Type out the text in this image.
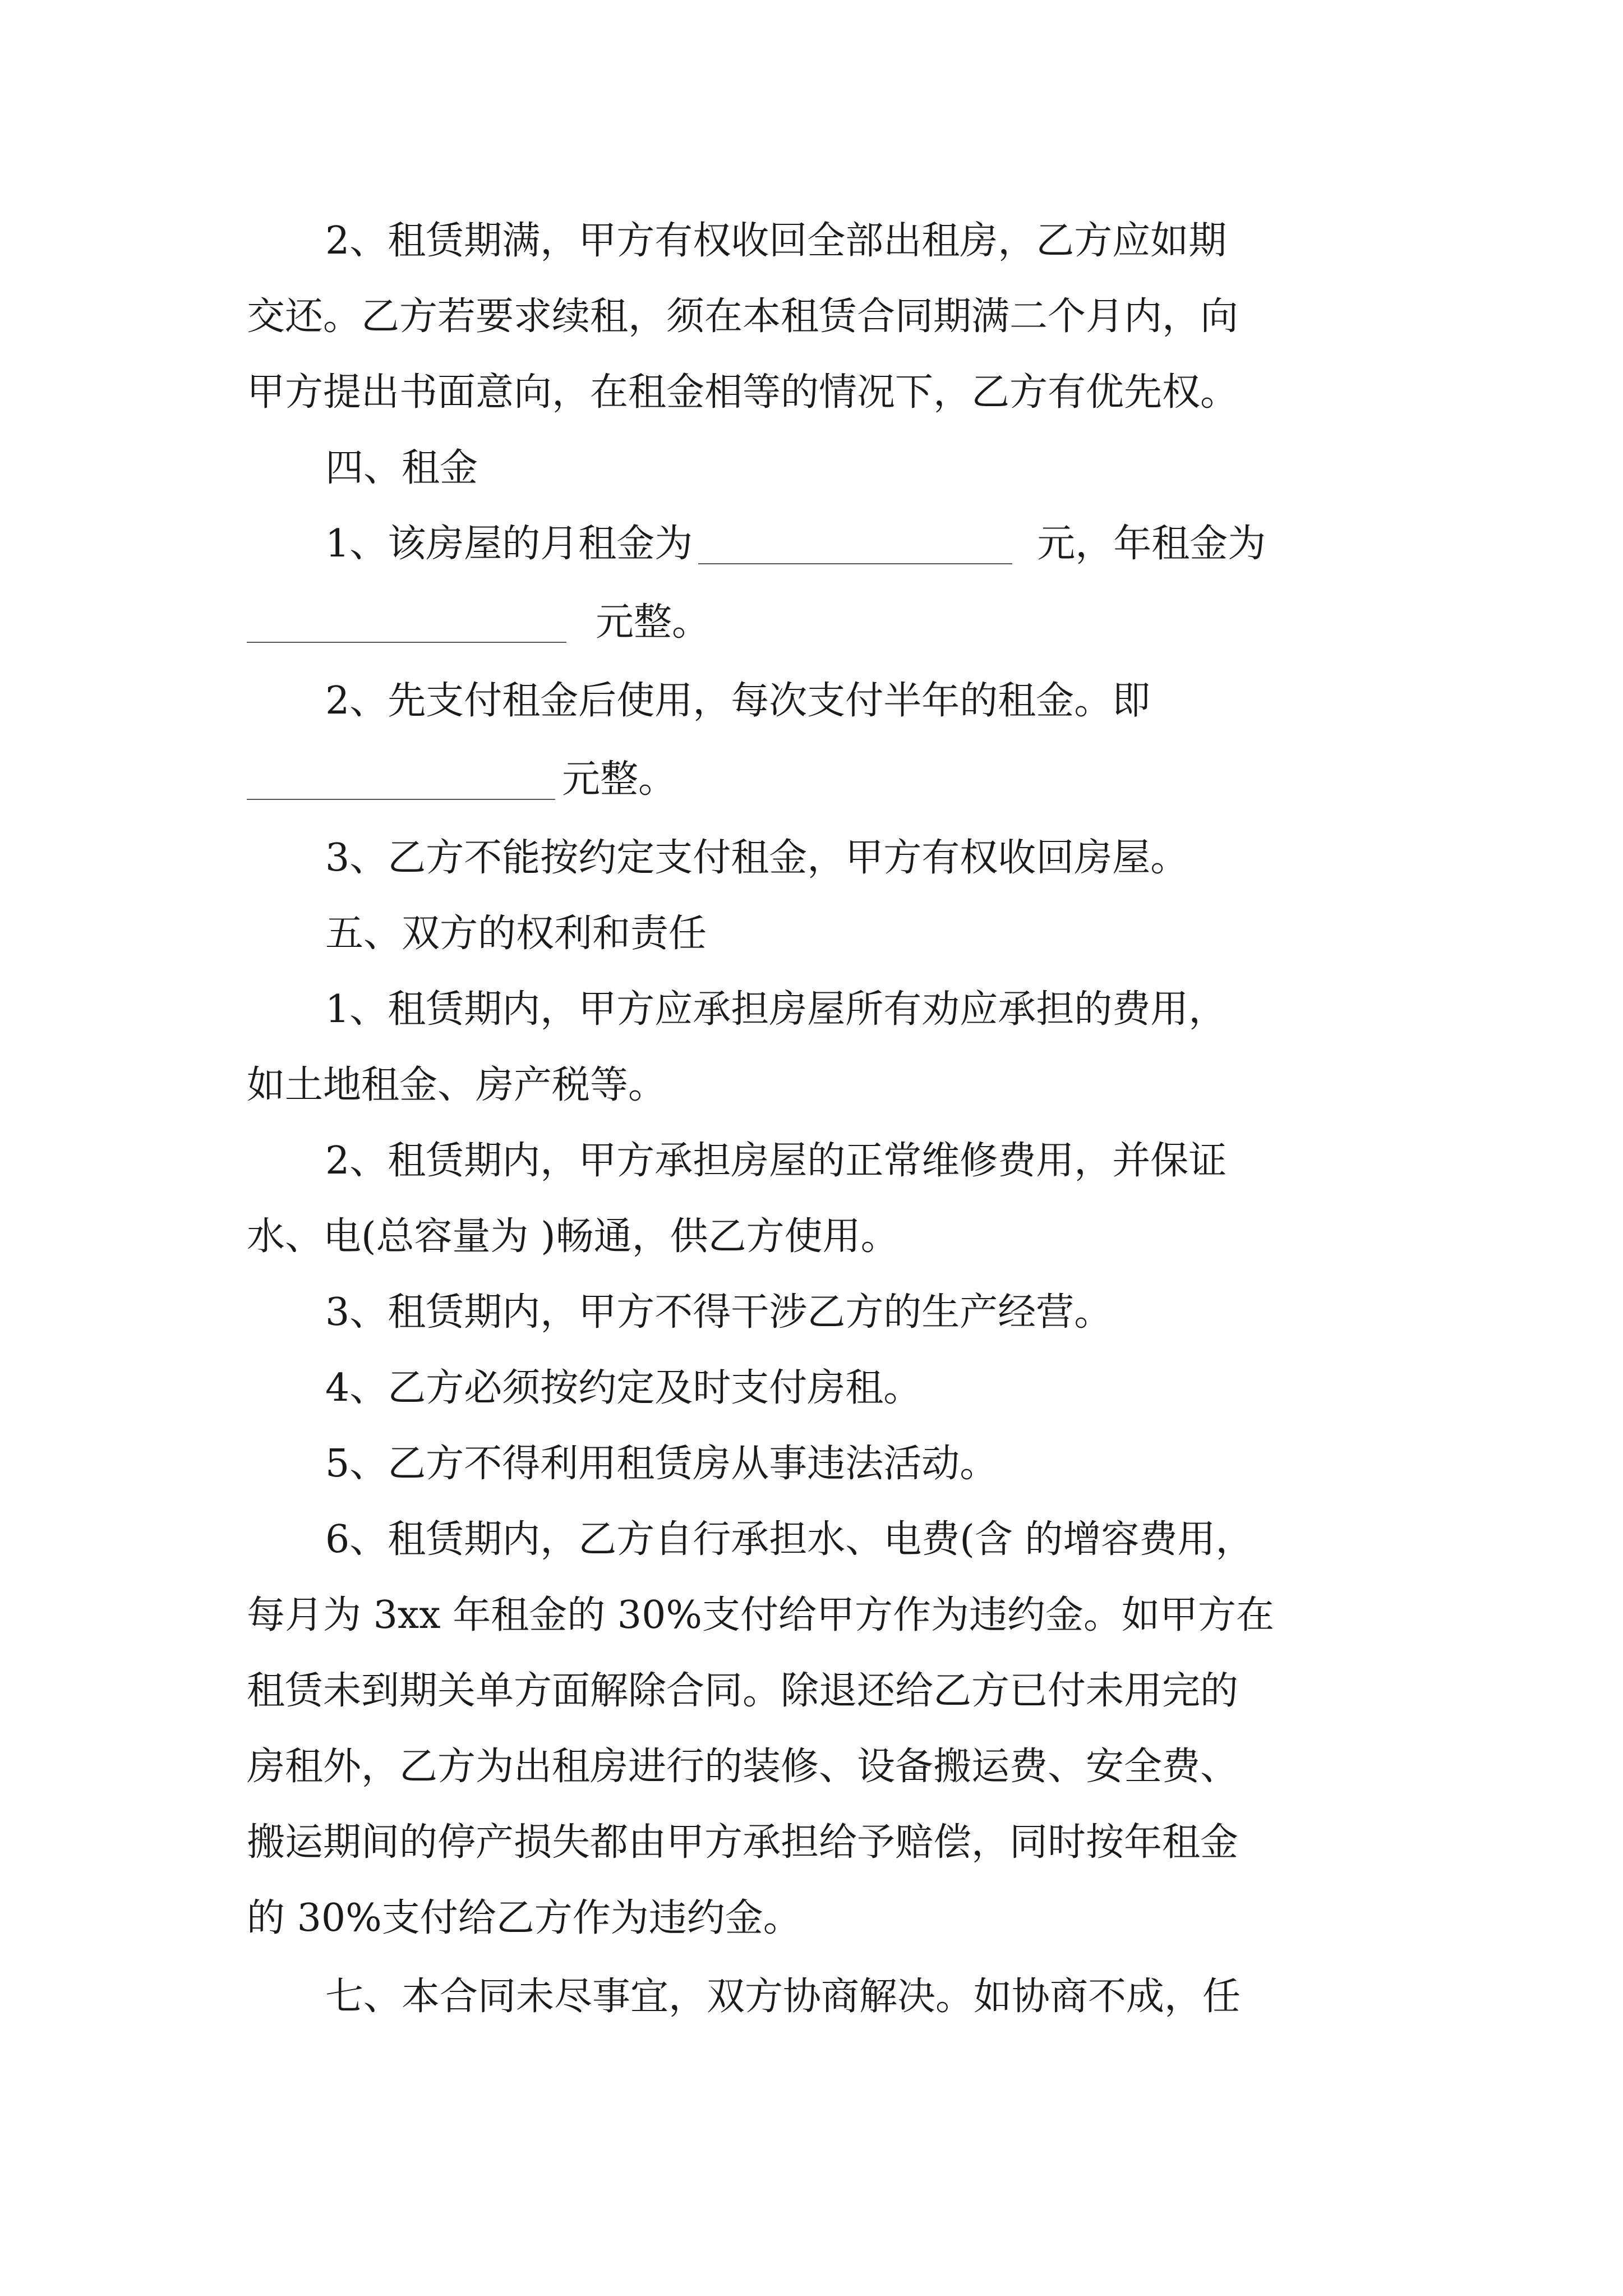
2、租赁期满，甲方有权收回全部出租房，乙方应如期
交还。乙方若要求续租，须在本租赁合同期满二个月内，向
甲方提出书面意向，在租金相等的情况下，乙方有优先权。
四、租金
1、该房屋的月租金为	元，年租金为
元整。
2、先支付租金后使用，每次支付半年的租金。即
元整。
3、乙方不能按约定支付租金，甲方有权收回房屋。
五、双方的权利和责任
1、租赁期内，甲方应承担房屋所有劝应承担的费用，
如土地租金、房产税等。
2、租赁期内，甲方承担房屋的正常维修费用，并保证
水、电(总容量为 )畅通，供乙方使用。
3、租赁期内，甲方不得干涉乙方的生产经营。
4、乙方必须按约定及时支付房租。
5、乙方不得利用租赁房从事违法活动。
6、租赁期内，乙方自行承担水、电费(含 的增容费用，
每月为 3xx 年租金的 30%支付给甲方作为违约金。如甲方在
租赁未到期关单方面解除合同。除退还给乙方已付未用完的
房租外，乙方为出租房进行的装修、设备搬运费、安全费、
搬运期间的停产损失都由甲方承担给予赔偿，同时按年租金
的 30%支付给乙方作为违约金。
七、本合同未尽事宜，双方协商解决。如协商不成，任
